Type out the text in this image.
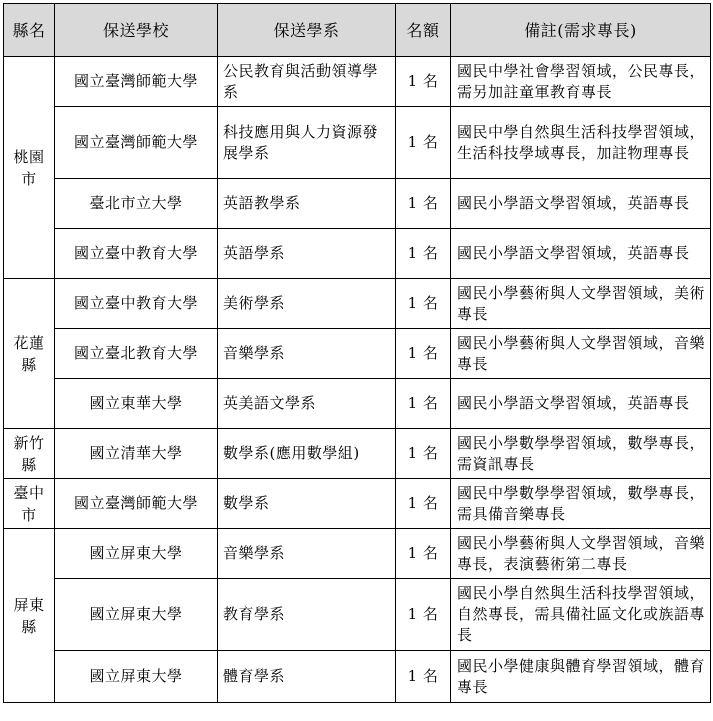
縣名	保送學校	保送學系	名額	備註(需求專長)
桃園市	國立臺灣師範大學	公民教育與活動領導學系	1 名	國民中學社會學習領域，公民專長，需另加註童軍教育專長
	國立臺灣師範大學	科技應用與人力資源發展學系	1 名	國民中學自然與生活科技學習領域，生活科技學域專長，加註物理專長
	臺北市立大學	英語教學系	1 名	國民小學語文學習領域，英語專長
	國立臺中教育大學	英語學系	1 名	國民小學語文學習領域，英語專長
花蓮縣	國立臺中教育大學	美術學系	1 名	國民小學藝術與人文學習領域，美術專長
	國立臺北教育大學	音樂學系	1 名	國民小學藝術與人文學習領域，音樂專長
	國立東華大學	英美語文學系	1 名	國民小學語文學習領域，英語專長
新竹縣	國立清華大學	數學系(應用數學組)	1 名	國民小學數學學習領域，數學專長，需資訊專長
臺中市	國立臺灣師範大學	數學系	1 名	國民中學數學學習領域，數學專長，需具備音樂專長
屏東縣	國立屏東大學	音樂學系	1 名	國民小學藝術與人文學習領域，音樂專長，表演藝術第二專長
	國立屏東大學	教育學系	1 名	國民小學自然與生活科技學習領域，自然專長，需具備社區文化或族語專長
	國立屏東大學	體育學系	1 名	國民小學健康與體育學習領域，體育專長
